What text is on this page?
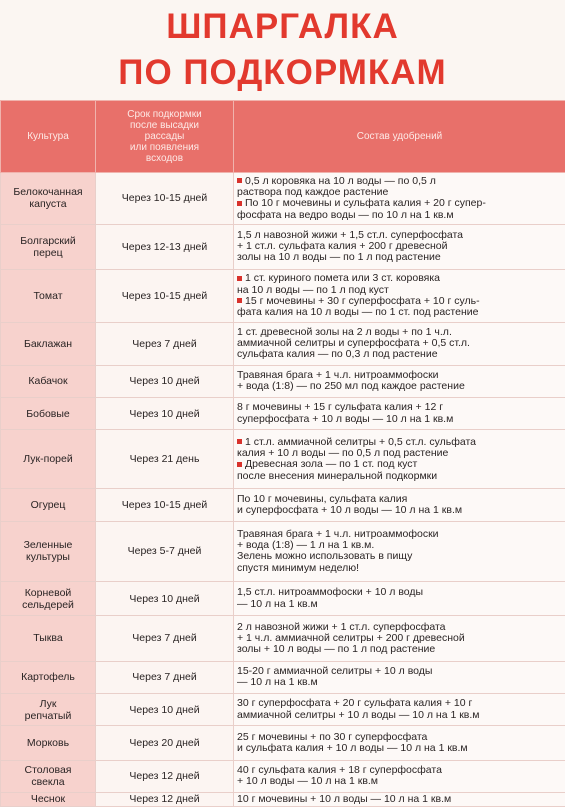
ШПАРГАЛКА
ПО ПОДКОРМКАМ
Культура	Срок подкормки
после высадки
рассады
или появления
всходов	Состав удобрений

Белокочанная
капуста	Через 10-15 дней	0,5 л коровяка на 10 л воды — по 0,5 л
раствора под каждое растение
По 10 г мочевины и сульфата калия + 20 г супер-
фосфата на ведро воды — по 10 л на 1 кв.м

Болгарский
перец	Через 12-13 дней	1,5 л навозной жижи + 1,5 ст.л. суперфосфата
+ 1 ст.л. сульфата калия + 200 г древесной
золы на 10 л воды — по 1 л под растение

Томат	Через 10-15 дней	1 ст. куриного помета или 3 ст. коровяка
на 10 л воды — по 1 л под куст
15 г мочевины + 30 г суперфосфата + 10 г суль-
фата калия на 10 л воды — по 1 ст. под растение

Баклажан	Через 7 дней	1 ст. древесной золы на 2 л воды + по 1 ч.л.
аммиачной селитры и суперфосфата + 0,5 ст.л.
сульфата калия — по 0,3 л под растение

Кабачок	Через 10 дней	Травяная брага + 1 ч.л. нитроаммофоски
+ вода (1:8) — по 250 мл под каждое растение

Бобовые	Через 10 дней	8 г мочевины + 15 г сульфата калия + 12 г
суперфосфата + 10 л воды — 10 л на 1 кв.м

Лук-порей	Через 21 день	1 ст.л. аммиачной селитры + 0,5 ст.л. сульфата
калия + 10 л воды — по 0,5 л под растение
Древесная зола — по 1 ст. под куст
после внесения минеральной подкормки

Огурец	Через 10-15 дней	По 10 г мочевины, сульфата калия
и суперфосфата + 10 л воды — 10 л на 1 кв.м

Зеленные
культуры	Через 5-7 дней	Травяная брага + 1 ч.л. нитроаммофоски
+ вода (1:8) — 1 л на 1 кв.м.
Зелень можно использовать в пищу
спустя минимум неделю!

Корневой
сельдерей	Через 10 дней	1,5 ст.л. нитроаммофоски + 10 л воды
— 10 л на 1 кв.м

Тыква	Через 7 дней	2 л навозной жижи + 1 ст.л. суперфосфата
+ 1 ч.л. аммиачной селитры + 200 г древесной
золы + 10 л воды — по 1 л под растение

Картофель	Через 7 дней	15-20 г аммиачной селитры + 10 л воды
— 10 л на 1 кв.м

Лук
репчатый	Через 10 дней	30 г суперфосфата + 20 г сульфата калия + 10 г
аммиачной селитры + 10 л воды — 10 л на 1 кв.м

Морковь	Через 20 дней	25 г мочевины + по 30 г суперфосфата
и сульфата калия + 10 л воды — 10 л на 1 кв.м

Столовая
свекла	Через 12 дней	40 г сульфата калия + 18 г суперфосфата
+ 10 л воды — 10 л на 1 кв.м

Чеснок	Через 12 дней	10 г мочевины + 10 л воды — 10 л на 1 кв.м
